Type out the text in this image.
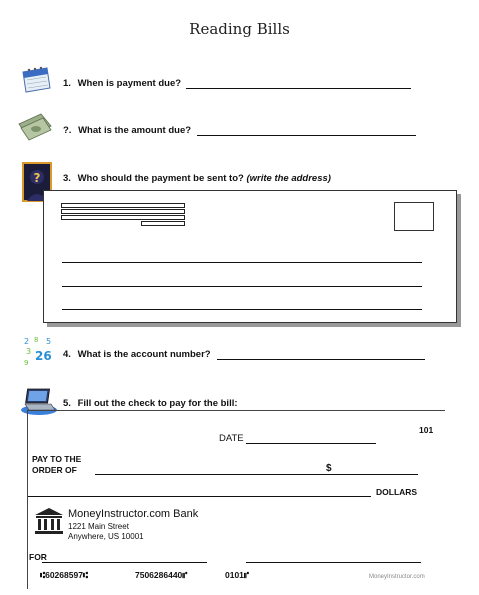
Reading Bills
1. When is payment due?
?. What is the amount due?
? 3. Who should the payment be sent to? (write the address)
2 8 5
3 26
9
4. What is the account number?
5. Fill out the check to pay for the bill:
101
DATE
PAY TO THE
ORDER OF	$
DOLLARS
MoneyInstructor.com Bank
1221 Main Street
Anywhere, US 10001
FOR
⑆60268597⑆	7506286440⑈	0101⑈	MoneyInstructor.com
